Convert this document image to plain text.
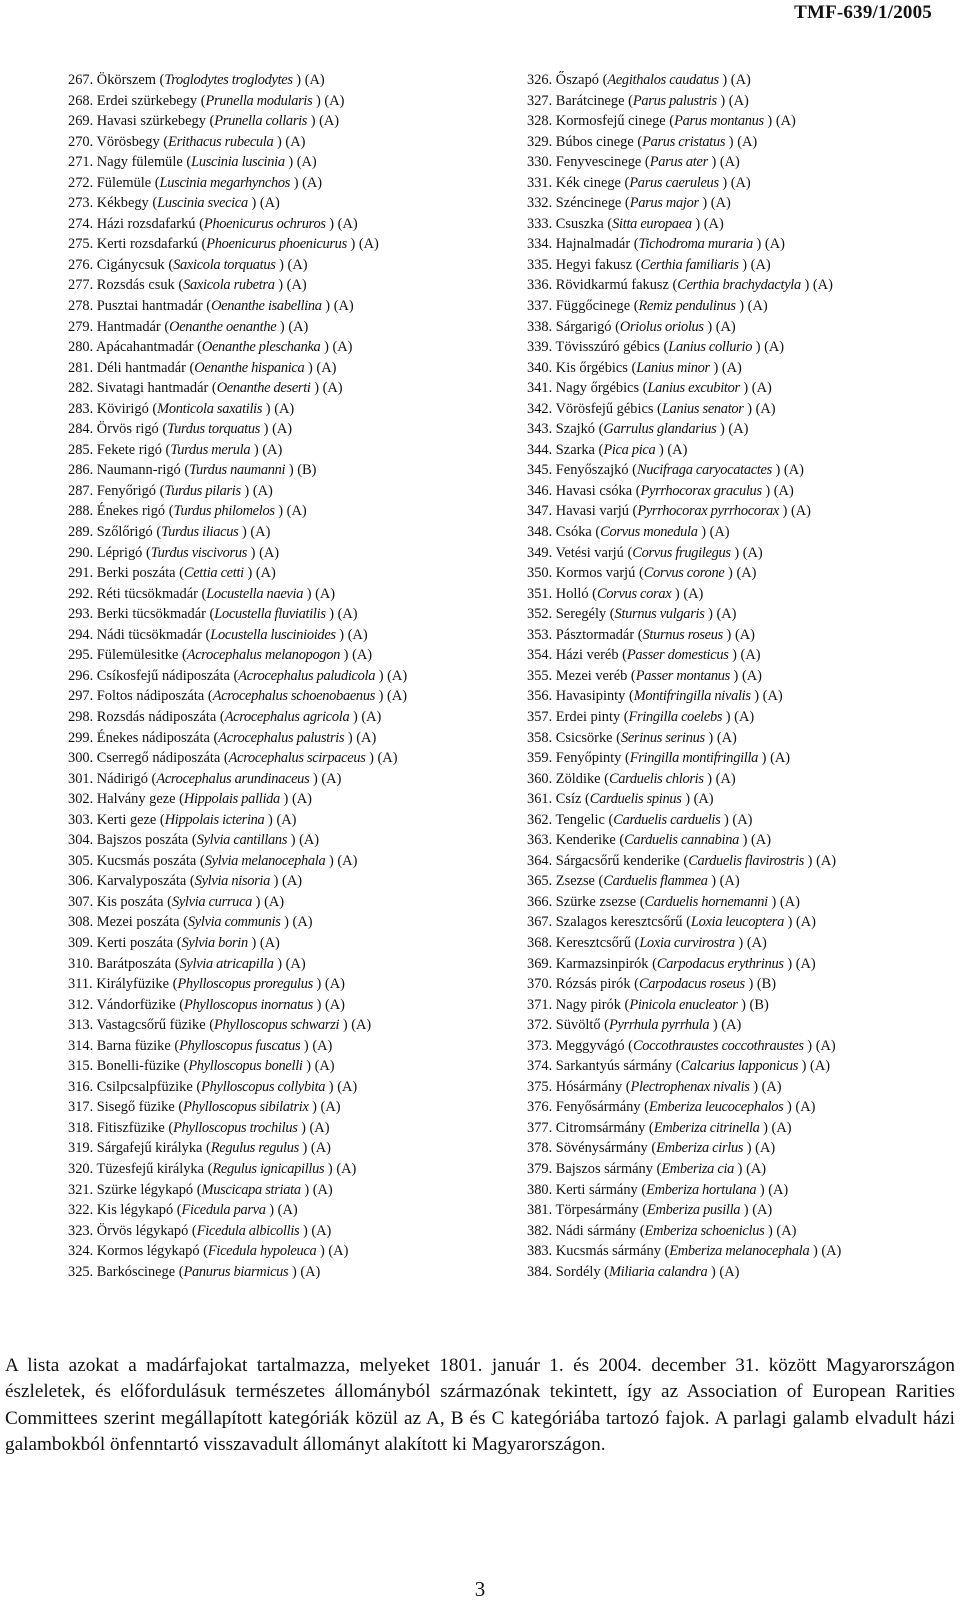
TMF-639/1/2005
267. Ökörszem (Troglodytes troglodytes ) (A)
268. Erdei szürkebegy (Prunella modularis ) (A)
269. Havasi szürkebegy (Prunella collaris ) (A)
270. Vörösbegy (Erithacus rubecula ) (A)
271. Nagy fülemüle (Luscinia luscinia ) (A)
272. Fülemüle (Luscinia megarhynchos ) (A)
273. Kékbegy (Luscinia svecica ) (A)
274. Házi rozsdafarkú (Phoenicurus ochruros ) (A)
275. Kerti rozsdafarkú (Phoenicurus phoenicurus ) (A)
276. Cigánycsuk (Saxicola torquatus ) (A)
277. Rozsdás csuk (Saxicola rubetra ) (A)
278. Pusztai hantmadár (Oenanthe isabellina ) (A)
279. Hantmadár (Oenanthe oenanthe ) (A)
280. Apácahantmadár (Oenanthe pleschanka ) (A)
281. Déli hantmadár (Oenanthe hispanica ) (A)
282. Sivatagi hantmadár (Oenanthe deserti ) (A)
283. Kövirigó (Monticola saxatilis ) (A)
284. Örvös rigó (Turdus torquatus ) (A)
285. Fekete rigó (Turdus merula ) (A)
286. Naumann-rigó (Turdus naumanni ) (B)
287. Fenyőrigó (Turdus pilaris ) (A)
288. Énekes rigó (Turdus philomelos ) (A)
289. Szőlőrigó (Turdus iliacus ) (A)
290. Léprigó (Turdus viscivorus ) (A)
291. Berki poszáta (Cettia cetti ) (A)
292. Réti tücsökmadár (Locustella naevia ) (A)
293. Berki tücsökmadár (Locustella fluviatilis ) (A)
294. Nádi tücsökmadár (Locustella luscinioides ) (A)
295. Fülemülesitke (Acrocephalus melanopogon ) (A)
296. Csíkosfejű nádiposzáta (Acrocephalus paludicola ) (A)
297. Foltos nádiposzáta (Acrocephalus schoenobaenus ) (A)
298. Rozsdás nádiposzáta (Acrocephalus agricola ) (A)
299. Énekes nádiposzáta (Acrocephalus palustris ) (A)
300. Cserregő nádiposzáta (Acrocephalus scirpaceus ) (A)
301. Nádirigó (Acrocephalus arundinaceus ) (A)
302. Halvány geze (Hippolais pallida ) (A)
303. Kerti geze (Hippolais icterina ) (A)
304. Bajszos poszáta (Sylvia cantillans ) (A)
305. Kucsmás poszáta (Sylvia melanocephala ) (A)
306. Karvalyposzáta (Sylvia nisoria ) (A)
307. Kis poszáta (Sylvia curruca ) (A)
308. Mezei poszáta (Sylvia communis ) (A)
309. Kerti poszáta (Sylvia borin ) (A)
310. Barátposzáta (Sylvia atricapilla ) (A)
311. Királyfüzike (Phylloscopus proregulus ) (A)
312. Vándorfüzike (Phylloscopus inornatus ) (A)
313. Vastagcsőrű füzike (Phylloscopus schwarzi ) (A)
314. Barna füzike (Phylloscopus fuscatus ) (A)
315. Bonelli-füzike (Phylloscopus bonelli ) (A)
316. Csilpcsalpfüzike (Phylloscopus collybita ) (A)
317. Sisegő füzike (Phylloscopus sibilatrix ) (A)
318. Fitiszfüzike (Phylloscopus trochilus ) (A)
319. Sárgafejű királyka (Regulus regulus ) (A)
320. Tüzesfejű királyka (Regulus ignicapillus ) (A)
321. Szürke légykapó (Muscicapa striata ) (A)
322. Kis légykapó (Ficedula parva ) (A)
323. Örvös légykapó (Ficedula albicollis ) (A)
324. Kormos légykapó (Ficedula hypoleuca ) (A)
325. Barkóscinege (Panurus biarmicus ) (A)
326. Őszapó (Aegithalos caudatus ) (A)
327. Barátcinege (Parus palustris ) (A)
328. Kormosfejű cinege (Parus montanus ) (A)
329. Búbos cinege (Parus cristatus ) (A)
330. Fenyvescinege (Parus ater ) (A)
331. Kék cinege (Parus caeruleus ) (A)
332. Széncinege (Parus major ) (A)
333. Csuszka (Sitta europaea ) (A)
334. Hajnalmadár (Tichodroma muraria ) (A)
335. Hegyi fakusz (Certhia familiaris ) (A)
336. Rövidkarmú fakusz (Certhia brachydactyla ) (A)
337. Függőcinege (Remiz pendulinus ) (A)
338. Sárgarigó (Oriolus oriolus ) (A)
339. Tövisszúró gébics (Lanius collurio ) (A)
340. Kis őrgébics (Lanius minor ) (A)
341. Nagy őrgébics (Lanius excubitor ) (A)
342. Vörösfejű gébics (Lanius senator ) (A)
343. Szajkó (Garrulus glandarius ) (A)
344. Szarka (Pica pica ) (A)
345. Fenyőszajkó (Nucifraga caryocatactes ) (A)
346. Havasi csóka (Pyrrhocorax graculus ) (A)
347. Havasi varjú (Pyrrhocorax pyrrhocorax ) (A)
348. Csóka (Corvus monedula ) (A)
349. Vetési varjú (Corvus frugilegus ) (A)
350. Kormos varjú (Corvus corone ) (A)
351. Holló (Corvus corax ) (A)
352. Seregély (Sturnus vulgaris ) (A)
353. Pásztormadár (Sturnus roseus ) (A)
354. Házi veréb (Passer domesticus ) (A)
355. Mezei veréb (Passer montanus ) (A)
356. Havasipinty (Montifringilla nivalis ) (A)
357. Erdei pinty (Fringilla coelebs ) (A)
358. Csicsörke (Serinus serinus ) (A)
359. Fenyőpinty (Fringilla montifringilla ) (A)
360. Zöldike (Carduelis chloris ) (A)
361. Csíz (Carduelis spinus ) (A)
362. Tengelic (Carduelis carduelis ) (A)
363. Kenderike (Carduelis cannabina ) (A)
364. Sárgacsőrű kenderike (Carduelis flavirostris ) (A)
365. Zsezse (Carduelis flammea ) (A)
366. Szürke zsezse (Carduelis hornemanni ) (A)
367. Szalagos keresztcsőrű (Loxia leucoptera ) (A)
368. Keresztcsőrű (Loxia curvirostra ) (A)
369. Karmazsinpirók (Carpodacus erythrinus ) (A)
370. Rózsás pirók (Carpodacus roseus ) (B)
371. Nagy pirók (Pinicola enucleator ) (B)
372. Süvöltő (Pyrrhula pyrrhula ) (A)
373. Meggyvágó (Coccothraustes coccothraustes ) (A)
374. Sarkantyús sármány (Calcarius lapponicus ) (A)
375. Hósármány (Plectrophenax nivalis ) (A)
376. Fenyősármány (Emberiza leucocephalos ) (A)
377. Citromsármány (Emberiza citrinella ) (A)
378. Sövénysármány (Emberiza cirlus ) (A)
379. Bajszos sármány (Emberiza cia ) (A)
380. Kerti sármány (Emberiza hortulana ) (A)
381. Törpesármány (Emberiza pusilla ) (A)
382. Nádi sármány (Emberiza schoeniclus ) (A)
383. Kucsmás sármány (Emberiza melanocephala ) (A)
384. Sordély (Miliaria calandra ) (A)
A lista azokat a madárfajokat tartalmazza, melyeket 1801. január 1. és 2004. december 31. között Magyarországon észleletek, és előfordulásuk természetes állományból származónak tekintett, így az Association of European Rarities Committees szerint megállapított kategóriák közül az A, B és C kategóriába tartozó fajok. A parlagi galamb elvadult házi galambokból önfenntartó visszavadult állományt alakított ki Magyarországon.
3
